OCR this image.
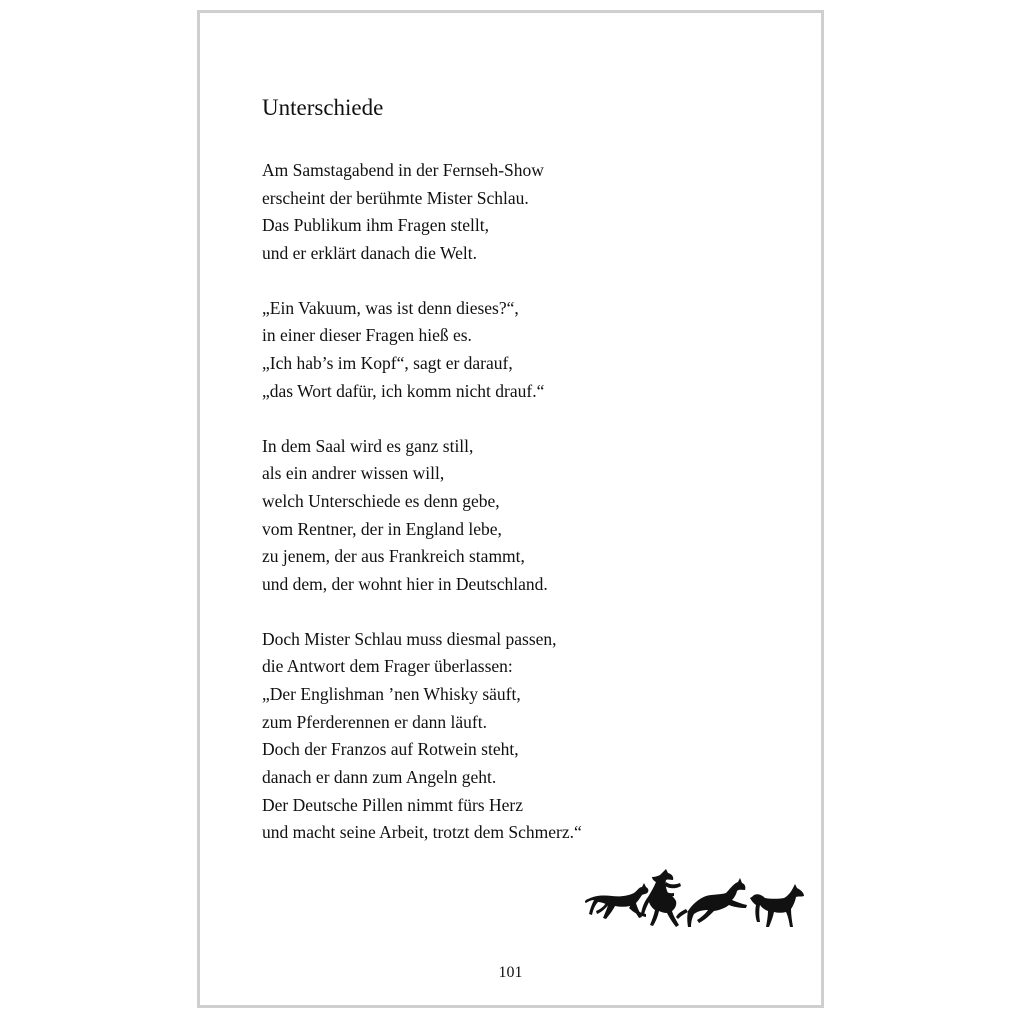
Unterschiede
Am Samstagabend in der Fernseh-Show
erscheint der berühmte Mister Schlau.
Das Publikum ihm Fragen stellt,
und er erklärt danach die Welt.
„Ein Vakuum, was ist denn dieses?“,
in einer dieser Fragen hieß es.
„Ich hab’s im Kopf“, sagt er darauf,
„das Wort dafür, ich komm nicht drauf.“
In dem Saal wird es ganz still,
als ein andrer wissen will,
welch Unterschiede es denn gebe,
vom Rentner, der in England lebe,
zu jenem, der aus Frankreich stammt,
und dem, der wohnt hier in Deutschland.
Doch Mister Schlau muss diesmal passen,
die Antwort dem Frager überlassen:
„Der Englishman ’nen Whisky säuft,
zum Pferderennen er dann läuft.
Doch der Franzos auf Rotwein steht,
danach er dann zum Angeln geht.
Der Deutsche Pillen nimmt fürs Herz
und macht seine Arbeit, trotzt dem Schmerz.“
101
